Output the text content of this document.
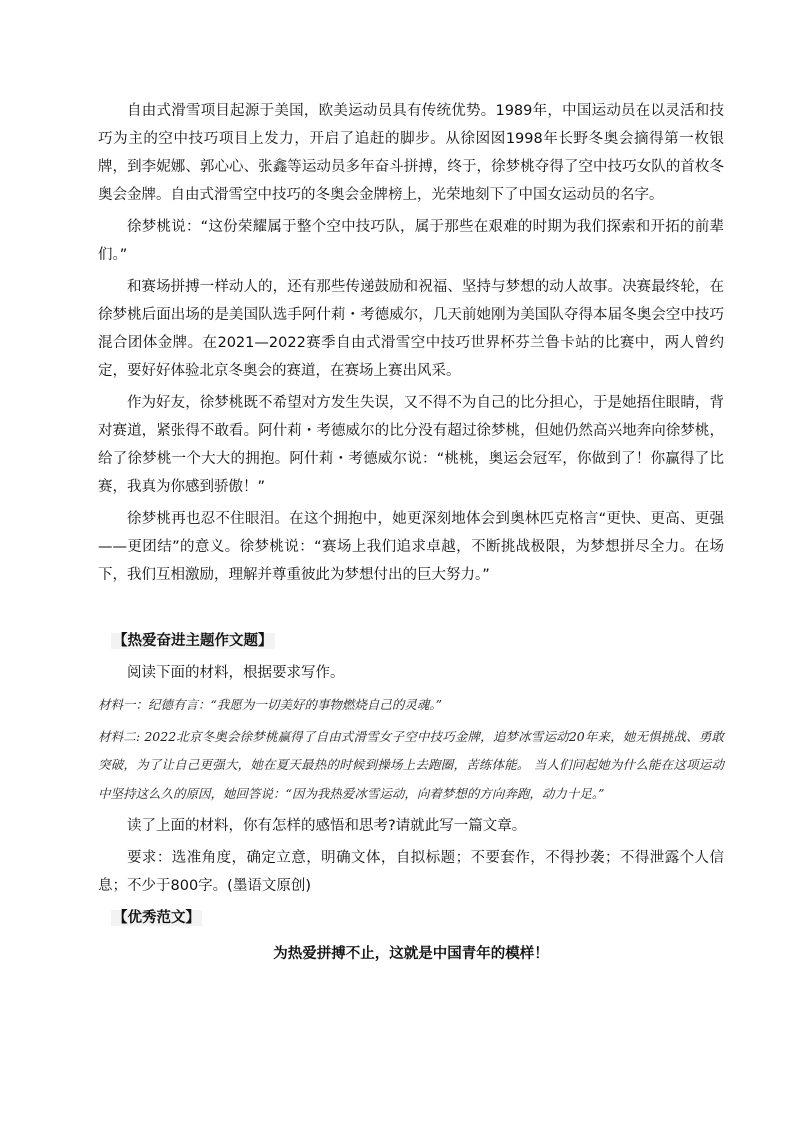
自由式滑雪项目起源于美国，欧美运动员具有传统优势。1989年，中国运动员在以灵活和技巧为主的空中技巧项目上发力，开启了追赶的脚步。从徐囡囡1998年长野冬奥会摘得第一枚银牌，到李妮娜、郭心心、张鑫等运动员多年奋斗拼搏，终于，徐梦桃夺得了空中技巧女队的首枚冬奥会金牌。自由式滑雪空中技巧的冬奥会金牌榜上，光荣地刻下了中国女运动员的名字。

徐梦桃说：“这份荣耀属于整个空中技巧队，属于那些在艰难的时期为我们探索和开拓的前辈们。”

和赛场拼搏一样动人的，还有那些传递鼓励和祝福、坚持与梦想的动人故事。决赛最终轮，在徐梦桃后面出场的是美国队选手阿什莉・考德威尔，几天前她刚为美国队夺得本届冬奥会空中技巧混合团体金牌。在2021—2022赛季自由式滑雪空中技巧世界杯芬兰鲁卡站的比赛中，两人曾约定，要好好体验北京冬奥会的赛道，在赛场上赛出风采。

作为好友，徐梦桃既不希望对方发生失误，又不得不为自己的比分担心，于是她捂住眼睛，背对赛道，紧张得不敢看。阿什莉・考德威尔的比分没有超过徐梦桃，但她仍然高兴地奔向徐梦桃，给了徐梦桃一个大大的拥抱。阿什莉・考德威尔说：“桃桃，奥运会冠军，你做到了！你赢得了比赛，我真为你感到骄傲！”

徐梦桃再也忍不住眼泪。在这个拥抱中，她更深刻地体会到奥林匹克格言“更快、更高、更强——更团结”的意义。徐梦桃说：“赛场上我们追求卓越，不断挑战极限，为梦想拼尽全力。在场下，我们互相激励，理解并尊重彼此为梦想付出的巨大努力。”

【热爱奋进主题作文题】

阅读下面的材料，根据要求写作。

材料一：纪德有言：“我愿为一切美好的事物燃烧自己的灵魂。”

材料二: 2022北京冬奥会徐梦桃赢得了自由式滑雪女子空中技巧金牌，追梦冰雪运动20年来，她无惧挑战、勇敢突破，为了让自己更强大，她在夏天最热的时候到操场上去跑圈，苦练体能。 当人们问起她为什么能在这项运动中坚持这么久的原因，她回答说：“因为我热爱冰雪运动，向着梦想的方向奔跑，动力十足。”

读了上面的材料，你有怎样的感悟和思考?请就此写一篇文章。

要求：选准角度，确定立意，明确文体，自拟标题；不要套作，不得抄袭；不得泄露个人信息；不少于800字。(墨语文原创)

【优秀范文】

为热爱拼搏不止，这就是中国青年的模样！
